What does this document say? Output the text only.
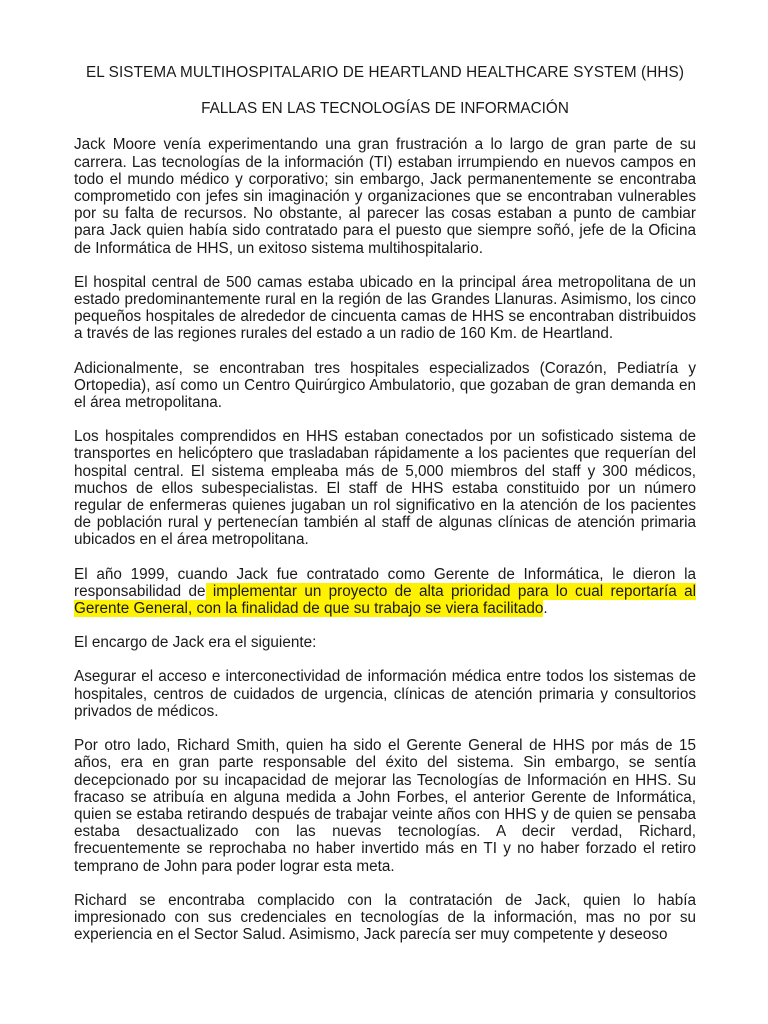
EL SISTEMA MULTIHOSPITALARIO DE HEARTLAND HEALTHCARE SYSTEM (HHS)
FALLAS EN LAS TECNOLOGÍAS DE INFORMACIÓN

Jack Moore venía experimentando una gran frustración a lo largo de gran parte de su carrera. Las tecnologías de la información (TI) estaban irrumpiendo en nuevos campos en todo el mundo médico y corporativo; sin embargo, Jack permanentemente se encontraba comprometido con jefes sin imaginación y organizaciones que se encontraban vulnerables por su falta de recursos. No obstante, al parecer las cosas estaban a punto de cambiar para Jack quien había sido contratado para el puesto que siempre soñó, jefe de la Oficina de Informática de HHS, un exitoso sistema multihospitalario.

El hospital central de 500 camas estaba ubicado en la principal área metropolitana de un estado predominantemente rural en la región de las Grandes Llanuras. Asimismo, los cinco pequeños hospitales de alrededor de cincuenta camas de HHS se encontraban distribuidos a través de las regiones rurales del estado a un radio de 160 Km. de Heartland.

Adicionalmente, se encontraban tres hospitales especializados (Corazón, Pediatría y Ortopedia), así como un Centro Quirúrgico Ambulatorio, que gozaban de gran demanda en el área metropolitana.

Los hospitales comprendidos en HHS estaban conectados por un sofisticado sistema de transportes en helicóptero que trasladaban rápidamente a los pacientes que requerían del hospital central. El sistema empleaba más de 5,000 miembros del staff y 300 médicos, muchos de ellos subespecialistas. El staff de HHS estaba constituido por un número regular de enfermeras quienes jugaban un rol significativo en la atención de los pacientes de población rural y pertenecían también al staff de algunas clínicas de atención primaria ubicados en el área metropolitana.

El año 1999, cuando Jack fue contratado como Gerente de Informática, le dieron la responsabilidad de implementar un proyecto de alta prioridad para lo cual reportaría al Gerente General, con la finalidad de que su trabajo se viera facilitado.

El encargo de Jack era el siguiente:

Asegurar el acceso e interconectividad de información médica entre todos los sistemas de hospitales, centros de cuidados de urgencia, clínicas de atención primaria y consultorios privados de médicos.

Por otro lado, Richard Smith, quien ha sido el Gerente General de HHS por más de 15 años, era en gran parte responsable del éxito del sistema. Sin embargo, se sentía decepcionado por su incapacidad de mejorar las Tecnologías de Información en HHS. Su fracaso se atribuía en alguna medida a John Forbes, el anterior Gerente de Informática, quien se estaba retirando después de trabajar veinte años con HHS y de quien se pensaba estaba desactualizado con las nuevas tecnologías. A decir verdad, Richard, frecuentemente se reprochaba no haber invertido más en TI y no haber forzado el retiro temprano de John para poder lograr esta meta.

Richard se encontraba complacido con la contratación de Jack, quien lo había impresionado con sus credenciales en tecnologías de la información, mas no por su experiencia en el Sector Salud. Asimismo, Jack parecía ser muy competente y deseoso
